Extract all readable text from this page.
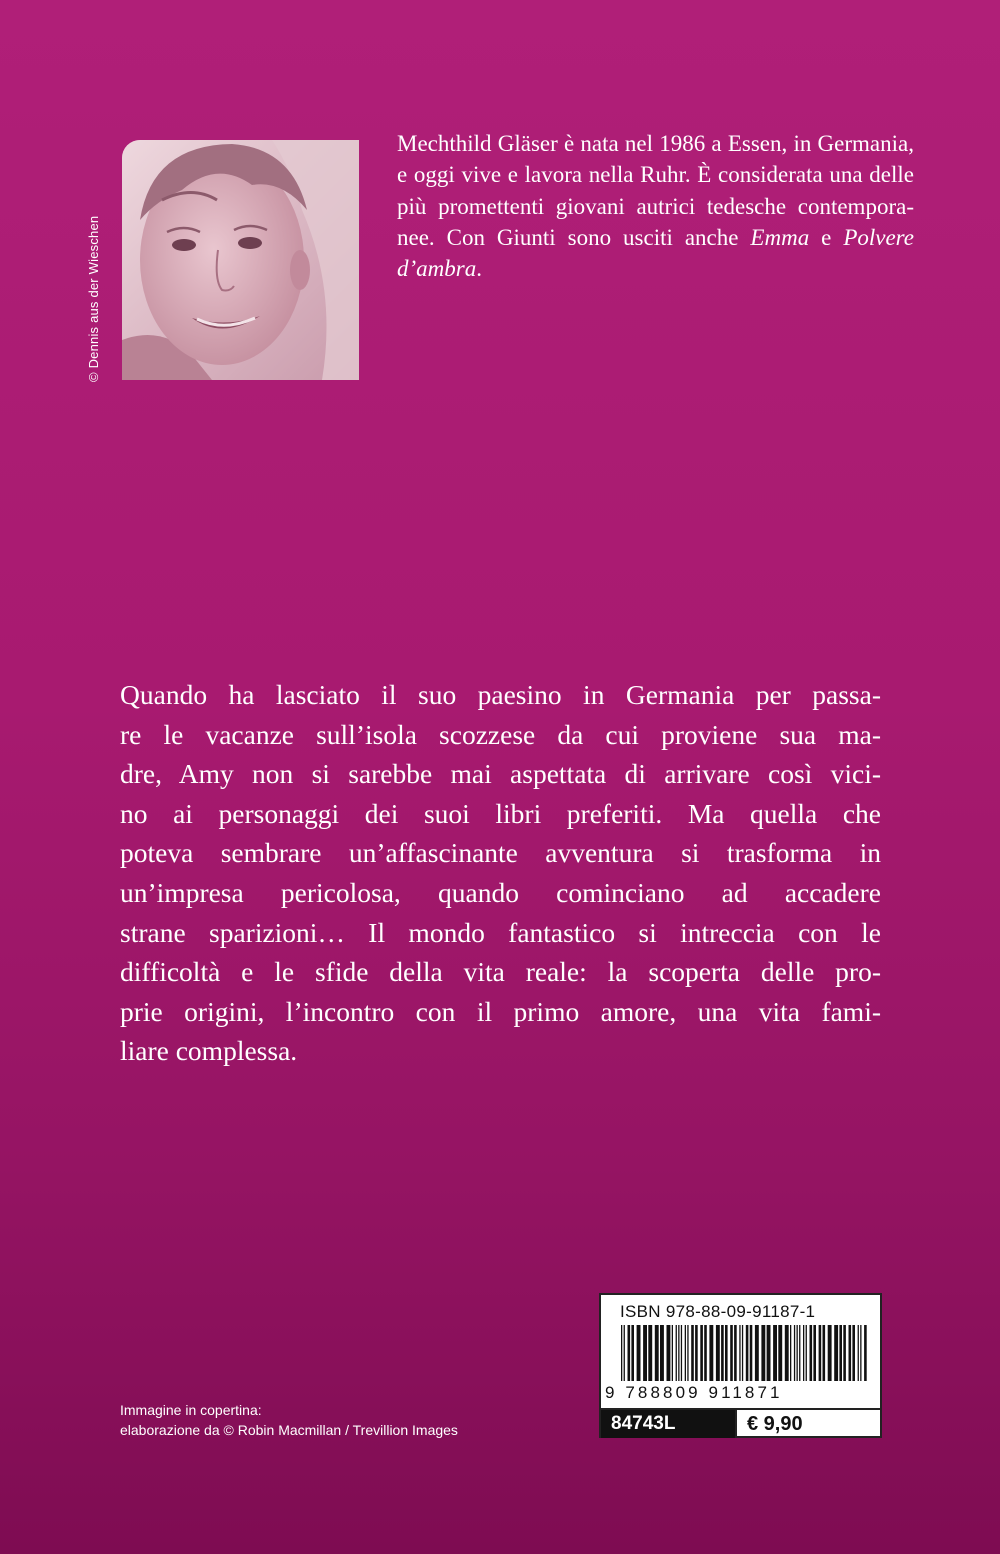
© Dennis aus der Wieschen
Mechthild Gläser è nata nel 1986 a Essen, in Germania, e oggi vive e lavora nella Ruhr. È considerata una delle più promettenti giovani autrici tedesche contemporanee. Con Giunti sono usciti anche Emma e Polvere d’ambra.
Quando ha lasciato il suo paesino in Germania per passa-
re le vacanze sull’isola scozzese da cui proviene sua ma-
dre, Amy non si sarebbe mai aspettata di arrivare così vici-
no ai personaggi dei suoi libri preferiti. Ma quella che
poteva sembrare un’affascinante avventura si trasforma in
un’impresa pericolosa, quando cominciano ad accadere
strane sparizioni… Il mondo fantastico si intreccia con le
difficoltà e le sfide della vita reale: la scoperta delle pro-
prie origini, l’incontro con il primo amore, una vita fami-
liare complessa.
Immagine in copertina:
elaborazione da © Robin Macmillan / Trevillion Images
ISBN 978-88-09-91187-1
9 788809 911871
84743L	€ 9,90
